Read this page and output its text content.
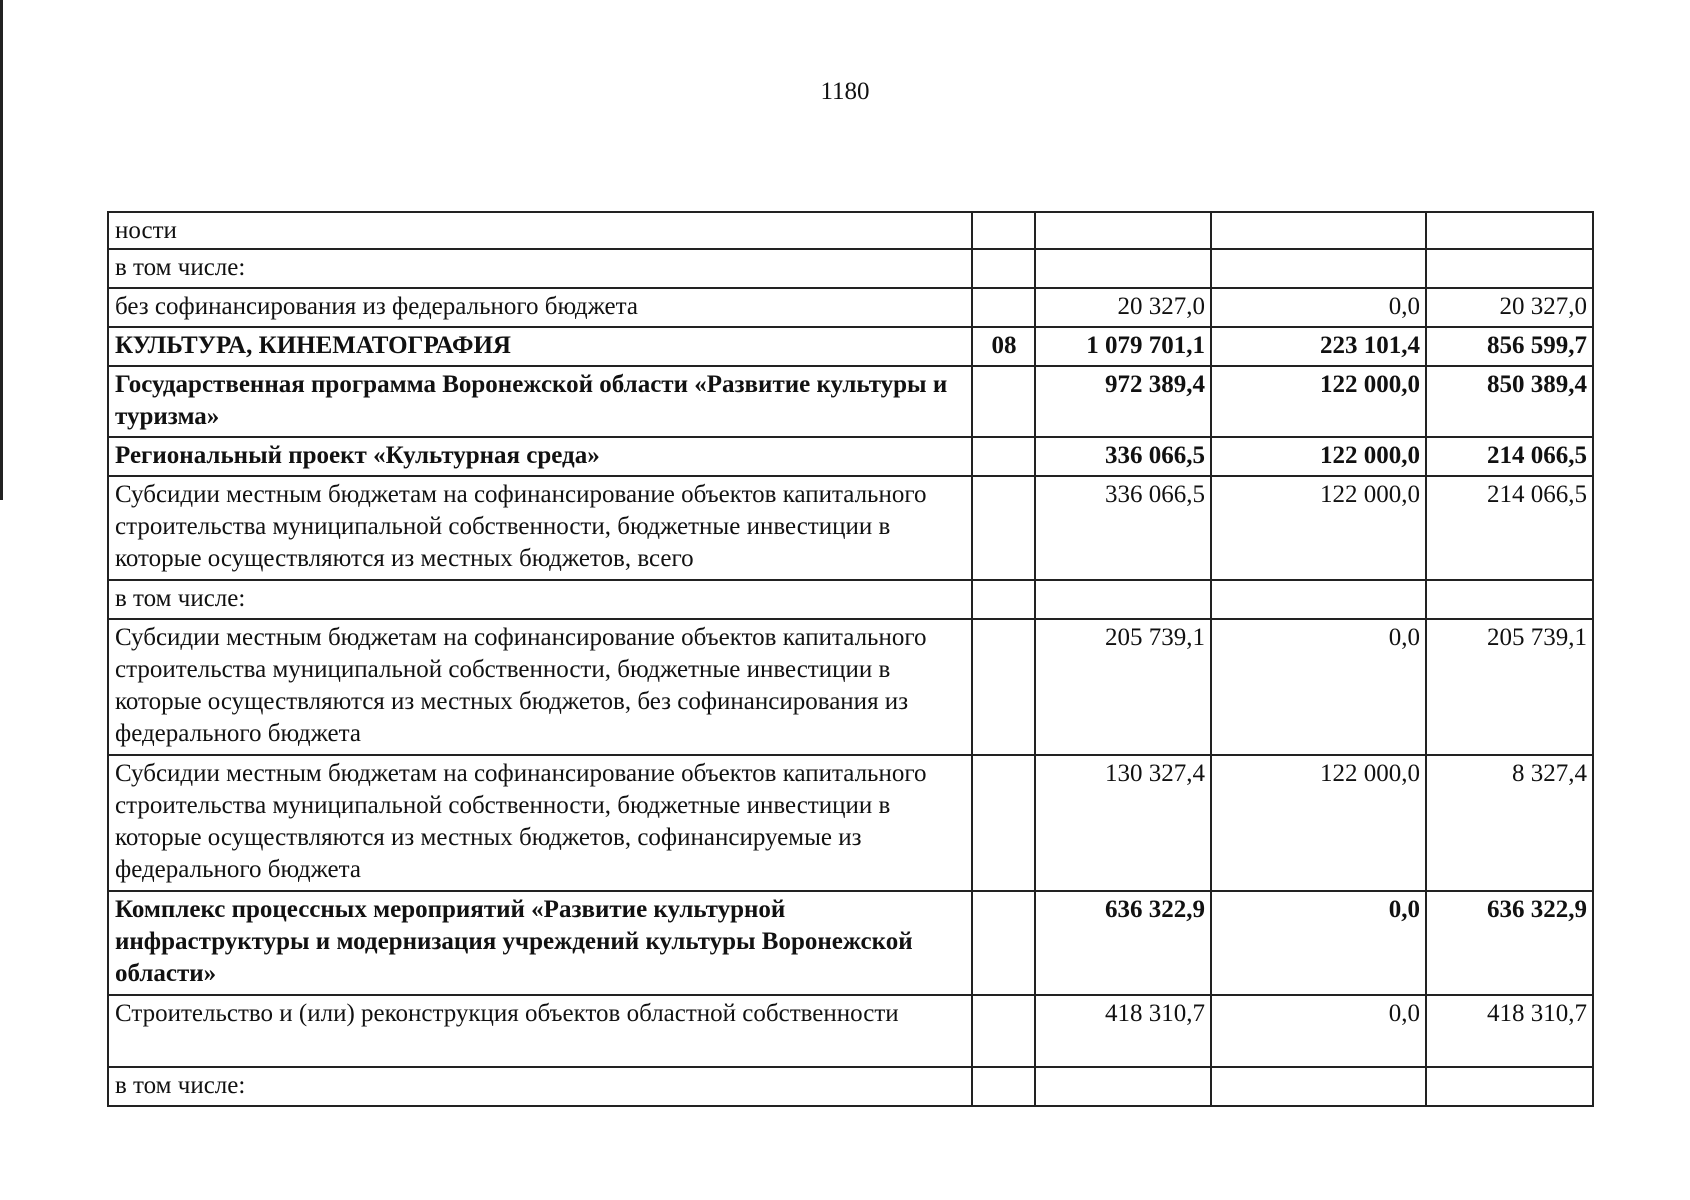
1180
ности				
в том числе:				
без софинансирования из федерального бюджета		20 327,0	0,0	20 327,0
КУЛЬТУРА, КИНЕМАТОГРАФИЯ	08	1 079 701,1	223 101,4	856 599,7
Государственная программа Воронежской области «Развитие культуры и туризма»		972 389,4	122 000,0	850 389,4
Региональный проект «Культурная среда»		336 066,5	122 000,0	214 066,5
Субсидии местным бюджетам на софинансирование объектов капитального строительства муниципальной собственности, бюджетные инвестиции в которые осуществляются из местных бюджетов, всего		336 066,5	122 000,0	214 066,5
в том числе:				
Субсидии местным бюджетам на софинансирование объектов капитального строительства муниципальной собственности, бюджетные инвестиции в которые осуществляются из местных бюджетов, без софинансирования из федерального бюджета		205 739,1	0,0	205 739,1
Субсидии местным бюджетам на софинансирование объектов капитального строительства муниципальной собственности, бюджетные инвестиции в которые осуществляются из местных бюджетов, софинансируемые из федерального бюджета		130 327,4	122 000,0	8 327,4
Комплекс процессных мероприятий «Развитие культурной инфраструктуры и модернизация учреждений культуры Воронежской области»		636 322,9	0,0	636 322,9
Строительство и (или) реконструкция объектов областной собственности		418 310,7	0,0	418 310,7
в том числе:				
